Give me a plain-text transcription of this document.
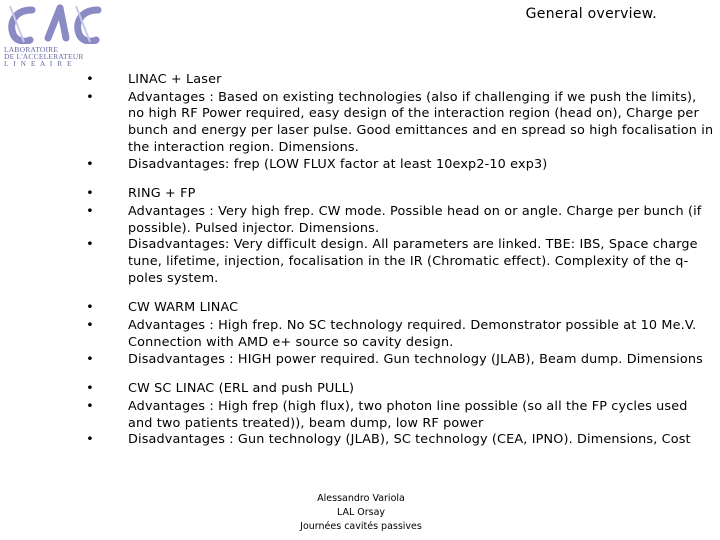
LABORATOIRE
DE L'ACCELERATEUR
L I N E A I R E
General overview.
•	LINAC + Laser
•	Advantages : Based on existing technologies (also if challenging if we push the limits), no high RF Power required, easy design of the interaction region (head on), Charge per bunch and energy per laser pulse. Good emittances and en spread so high focalisation in the interaction region. Dimensions.
•	Disadvantages: frep (LOW FLUX factor at least 10exp2-10 exp3)
•	RING + FP
•	Advantages : Very high frep. CW mode. Possible head on or angle. Charge per bunch (if possible). Pulsed injector. Dimensions.
•	Disadvantages: Very difficult design. All parameters are linked. TBE: IBS, Space charge tune, lifetime, injection, focalisation in the IR (Chromatic effect). Complexity of the q-poles system.
•	CW WARM LINAC
•	Advantages : High frep. No SC technology required. Demonstrator possible at 10 Me.V. Connection with AMD e+ source so cavity design.
•	Disadvantages : HIGH power required. Gun technology (JLAB), Beam dump. Dimensions
•	CW SC LINAC (ERL and push PULL)
•	Advantages : High frep (high flux), two photon line possible (so all the FP cycles used and two patients treated)), beam dump, low RF power
•	Disadvantages : Gun technology (JLAB), SC technology (CEA, IPNO). Dimensions, Cost
Alessandro Variola
LAL Orsay
Journées cavités passives
